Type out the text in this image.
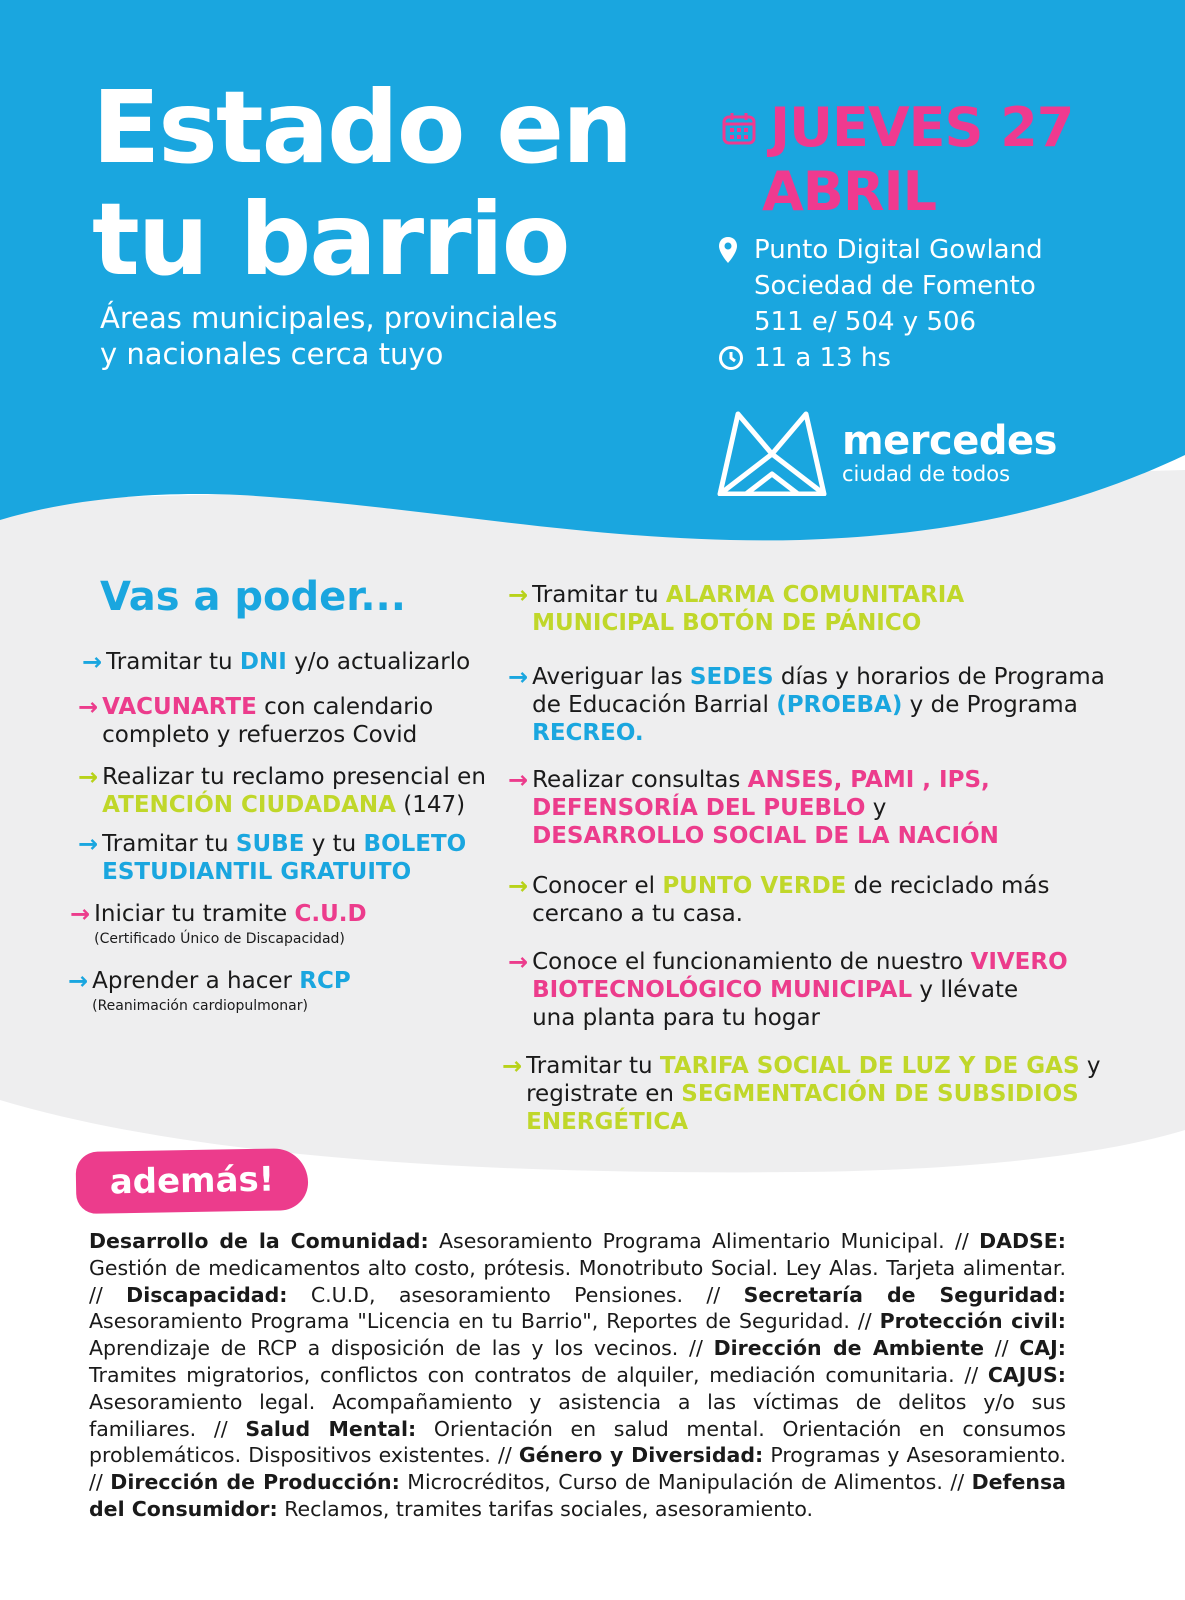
Estado en
tu barrio
Áreas municipales, provinciales
y nacionales cerca tuyo
JUEVES 27
ABRIL
Punto Digital Gowland
Sociedad de Fomento
511 e/ 504 y 506
11 a 13 hs
mercedes
ciudad de todos
Vas a poder...
→ Tramitar tu DNI y/o actualizarlo
→ VACUNARTE con calendario
completo y refuerzos Covid
→ Realizar tu reclamo presencial en
ATENCIÓN CIUDADANA (147)
→ Tramitar tu SUBE y tu BOLETO
ESTUDIANTIL GRATUITO
→ Iniciar tu tramite C.U.D
(Certificado Único de Discapacidad)
→ Aprender a hacer RCP
(Reanimación cardiopulmonar)
→ Tramitar tu ALARMA COMUNITARIA
MUNICIPAL BOTÓN DE PÁNICO
→ Averiguar las SEDES días y horarios de Programa
de Educación Barrial (PROEBA) y de Programa
RECREO.
→ Realizar consultas ANSES, PAMI , IPS,
DEFENSORÍA DEL PUEBLO y
DESARROLLO SOCIAL DE LA NACIÓN
→ Conocer el PUNTO VERDE de reciclado más
cercano a tu casa.
→ Conoce el funcionamiento de nuestro VIVERO
BIOTECNOLÓGICO MUNICIPAL y llévate
una planta para tu hogar
→ Tramitar tu TARIFA SOCIAL DE LUZ Y DE GAS y
registrate en SEGMENTACIÓN DE SUBSIDIOS
ENERGÉTICA
además!
Desarrollo de la Comunidad: Asesoramiento Programa Alimentario Municipal. // DADSE: Gestión de medicamentos alto costo, prótesis. Monotributo Social. Ley Alas. Tarjeta alimentar. // Discapacidad: C.U.D, asesoramiento Pensiones. // Secretaría de Seguridad: Asesoramiento Programa "Licencia en tu Barrio", Reportes de Seguridad. // Protección civil: Aprendizaje de RCP a disposición de las y los vecinos. // Dirección de Ambiente // CAJ: Tramites migratorios, conflictos con contratos de alquiler, mediación comunitaria. // CAJUS: Asesoramiento legal. Acompañamiento y asistencia a las víctimas de delitos y/o sus familiares. // Salud Mental: Orientación en salud mental. Orientación en consumos problemáticos. Dispositivos existentes. // Género y Diversidad: Programas y Asesoramiento. // Dirección de Producción: Microcréditos, Curso de Manipulación de Alimentos. // Defensa del Consumidor: Reclamos, tramites tarifas sociales, asesoramiento.
